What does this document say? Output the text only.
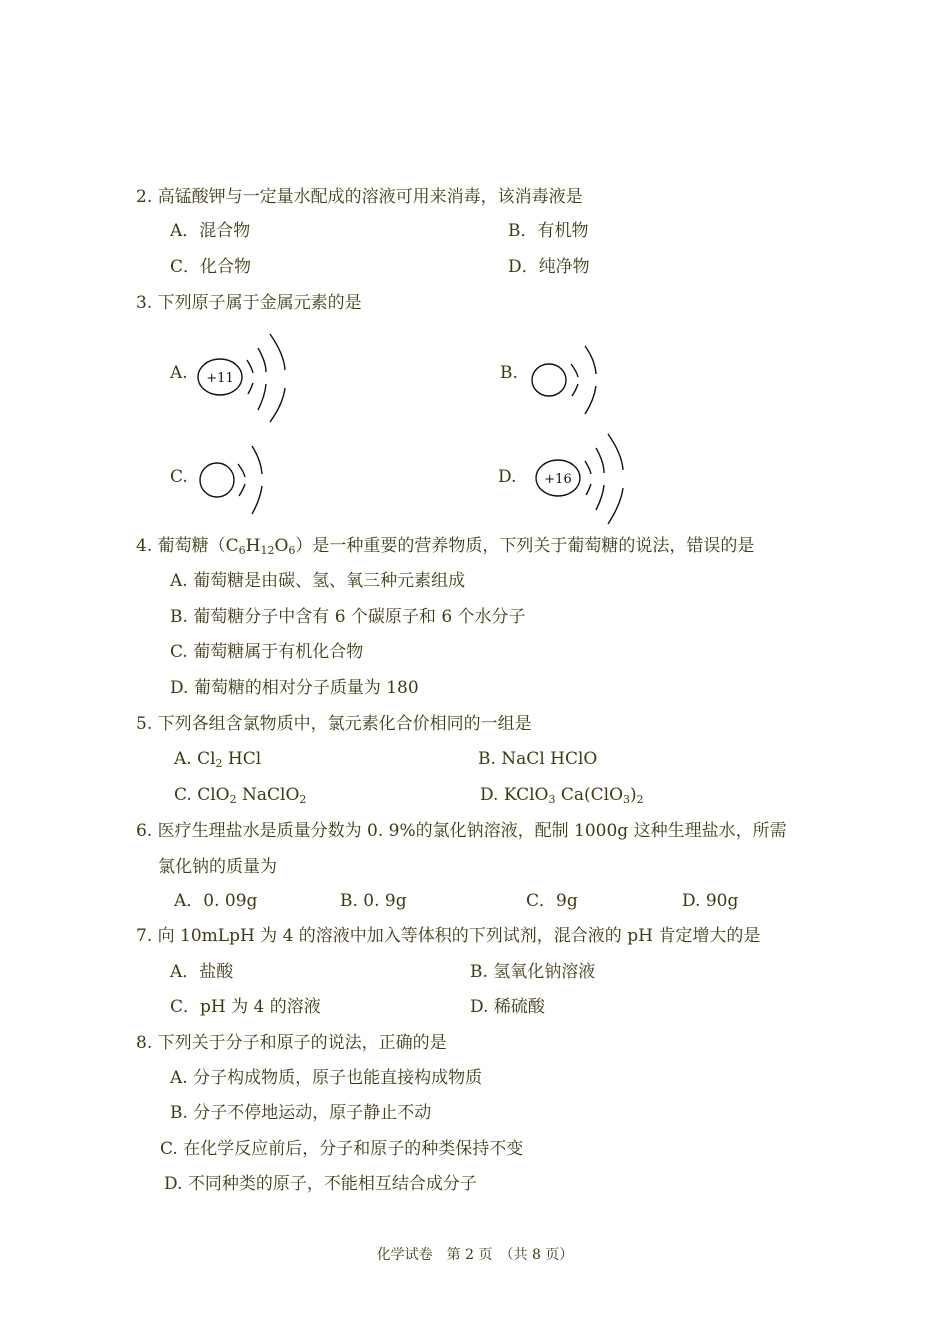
2. 高锰酸钾与一定量水配成的溶液可用来消毒，该消毒液是
A．混合物	B．有机物
C．化合物	D．纯净物
3. 下列原子属于金属元素的是
A. +11	B.
C.	D. +16
4. 葡萄糖$(C_6H_{12}O_6)$是一种重要的营养物质，下列关于葡萄糖的说法，错误的是
A. 葡萄糖是由碳、氢、氧三种元素组成
B. 葡萄糖分子中含有 6 个碳原子和 6 个水分子
C. 葡萄糖属于有机化合物
D. 葡萄糖的相对分子质量为 180
5. 下列各组含氯物质中，氯元素化合价相同的一组是
A. $Cl_2$ HCl	B. NaCl HClO
C. ClO$_2$ NaClO$_2$	D. KClO$_3$ $Ca(ClO_3)_2$
6. 医疗生理盐水是质量分数为 0. 9%的氯化钠溶液，配制 1000g 这种生理盐水，所需
氯化钠的质量为
A．0. 09g	B. 0. 9g	C．9g	D. 90g
7. 向 10mLpH 为 4 的溶液中加入等体积的下列试剂，混合液的 pH 肯定增大的是
A．盐酸	B. 氢氧化钠溶液
C．pH 为 4 的溶液	D. 稀硫酸
8. 下列关于分子和原子的说法，正确的是
A. 分子构成物质，原子也能直接构成物质
B. 分子不停地运动，原子静止不动
C. 在化学反应前后，分子和原子的种类保持不变
D. 不同种类的原子，不能相互结合成分子
化学试卷　第 2 页　（共 8 页）
